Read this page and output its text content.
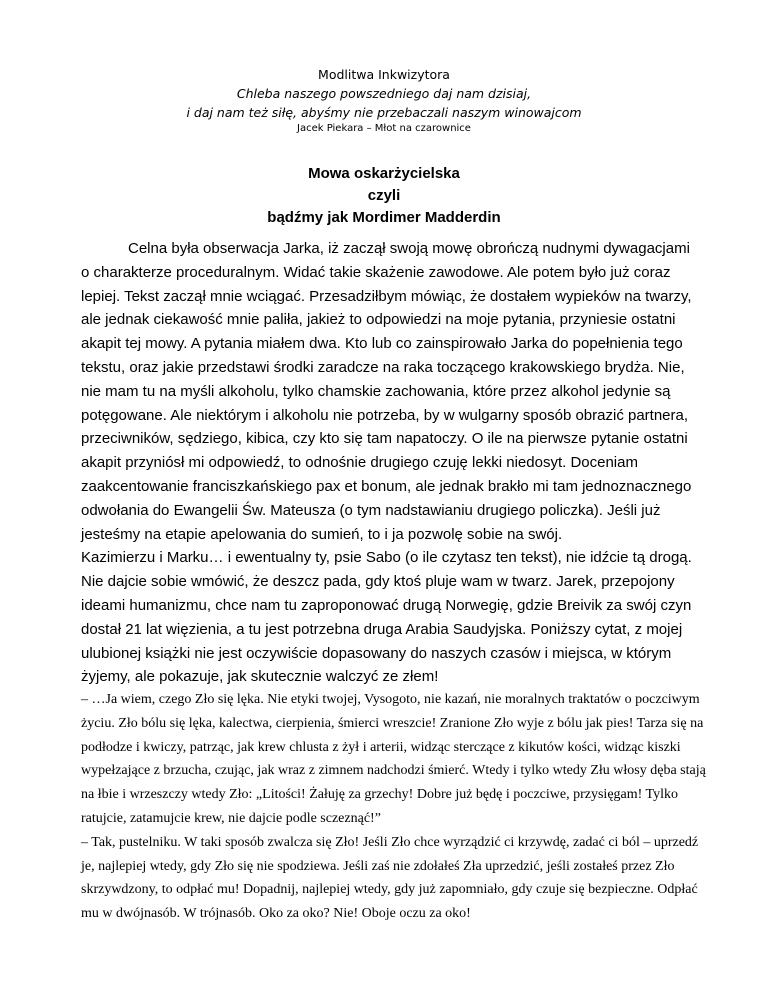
Modlitwa Inkwizytora
Chleba naszego powszedniego daj nam dzisiaj,
i daj nam też siłę, abyśmy nie przebaczali naszym winowajcom
Jacek Piekara – Młot na czarownice
Mowa oskarżycielska
czyli
bądźmy jak Mordimer Madderdin

Celna była obserwacja Jarka, iż zaczął swoją mowę obrończą nudnymi dywagacjami o charakterze proceduralnym. Widać takie skażenie zawodowe. Ale potem było już coraz lepiej. Tekst zaczął mnie wciągać. Przesadziłbym mówiąc, że dostałem wypieków na twarzy, ale jednak ciekawość mnie paliła, jakież to odpowiedzi na moje pytania, przyniesie ostatni akapit tej mowy. A pytania miałem dwa. Kto lub co zainspirowało Jarka do popełnienia tego tekstu, oraz jakie przedstawi środki zaradcze na raka toczącego krakowskiego brydża. Nie, nie mam tu na myśli alkoholu, tylko chamskie zachowania, które przez alkohol jedynie są potęgowane. Ale niektórym i alkoholu nie potrzeba, by w wulgarny sposób obrazić partnera, przeciwników, sędziego, kibica, czy kto się tam napatoczy. O ile na pierwsze pytanie ostatni akapit przyniósł mi odpowiedź, to odnośnie drugiego czuję lekki niedosyt. Doceniam zaakcentowanie franciszkańskiego pax et bonum, ale jednak brakło mi tam jednoznacznego odwołania do Ewangelii Św. Mateusza (o tym nadstawianiu drugiego policzka). Jeśli już jesteśmy na etapie apelowania do sumień, to i ja pozwolę sobie na swój.

Kazimierzu i Marku… i ewentualny ty, psie Sabo (o ile czytasz ten tekst), nie idźcie tą drogą. Nie dajcie sobie wmówić, że deszcz pada, gdy ktoś pluje wam w twarz. Jarek, przepojony ideami humanizmu, chce nam tu zaproponować drugą Norwegię, gdzie Breivik za swój czyn dostał 21 lat więzienia, a tu jest potrzebna druga Arabia Saudyjska. Poniższy cytat, z mojej ulubionej książki nie jest oczywiście dopasowany do naszych czasów i miejsca, w którym żyjemy, ale pokazuje, jak skutecznie walczyć ze złem!

– …Ja wiem, czego Zło się lęka. Nie etyki twojej, Vysogoto, nie kazań, nie moralnych traktatów o poczciwym życiu. Zło bólu się lęka, kalectwa, cierpienia, śmierci wreszcie! Zranione Zło wyje z bólu jak pies! Tarza się na podłodze i kwiczy, patrząc, jak krew chlusta z żył i arterii, widząc sterczące z kikutów kości, widząc kiszki wypełzające z brzucha, czując, jak wraz z zimnem nadchodzi śmierć. Wtedy i tylko wtedy Złu włosy dęba stają na łbie i wrzeszczy wtedy Zło: „Litości! Żałuję za grzechy! Dobre już będę i poczciwe, przysięgam! Tylko ratujcie, zatamujcie krew, nie dajcie podle sczeznąć!”

– Tak, pustelniku. W taki sposób zwalcza się Zło! Jeśli Zło chce wyrządzić ci krzywdę, zadać ci ból – uprzedź je, najlepiej wtedy, gdy Zło się nie spodziewa. Jeśli zaś nie zdołałeś Zła uprzedzić, jeśli zostałeś przez Zło skrzywdzony, to odpłać mu! Dopadnij, najlepiej wtedy, gdy już zapomniało, gdy czuje się bezpieczne. Odpłać mu w dwójnasób. W trójnasób. Oko za oko? Nie! Oboje oczu za oko!
